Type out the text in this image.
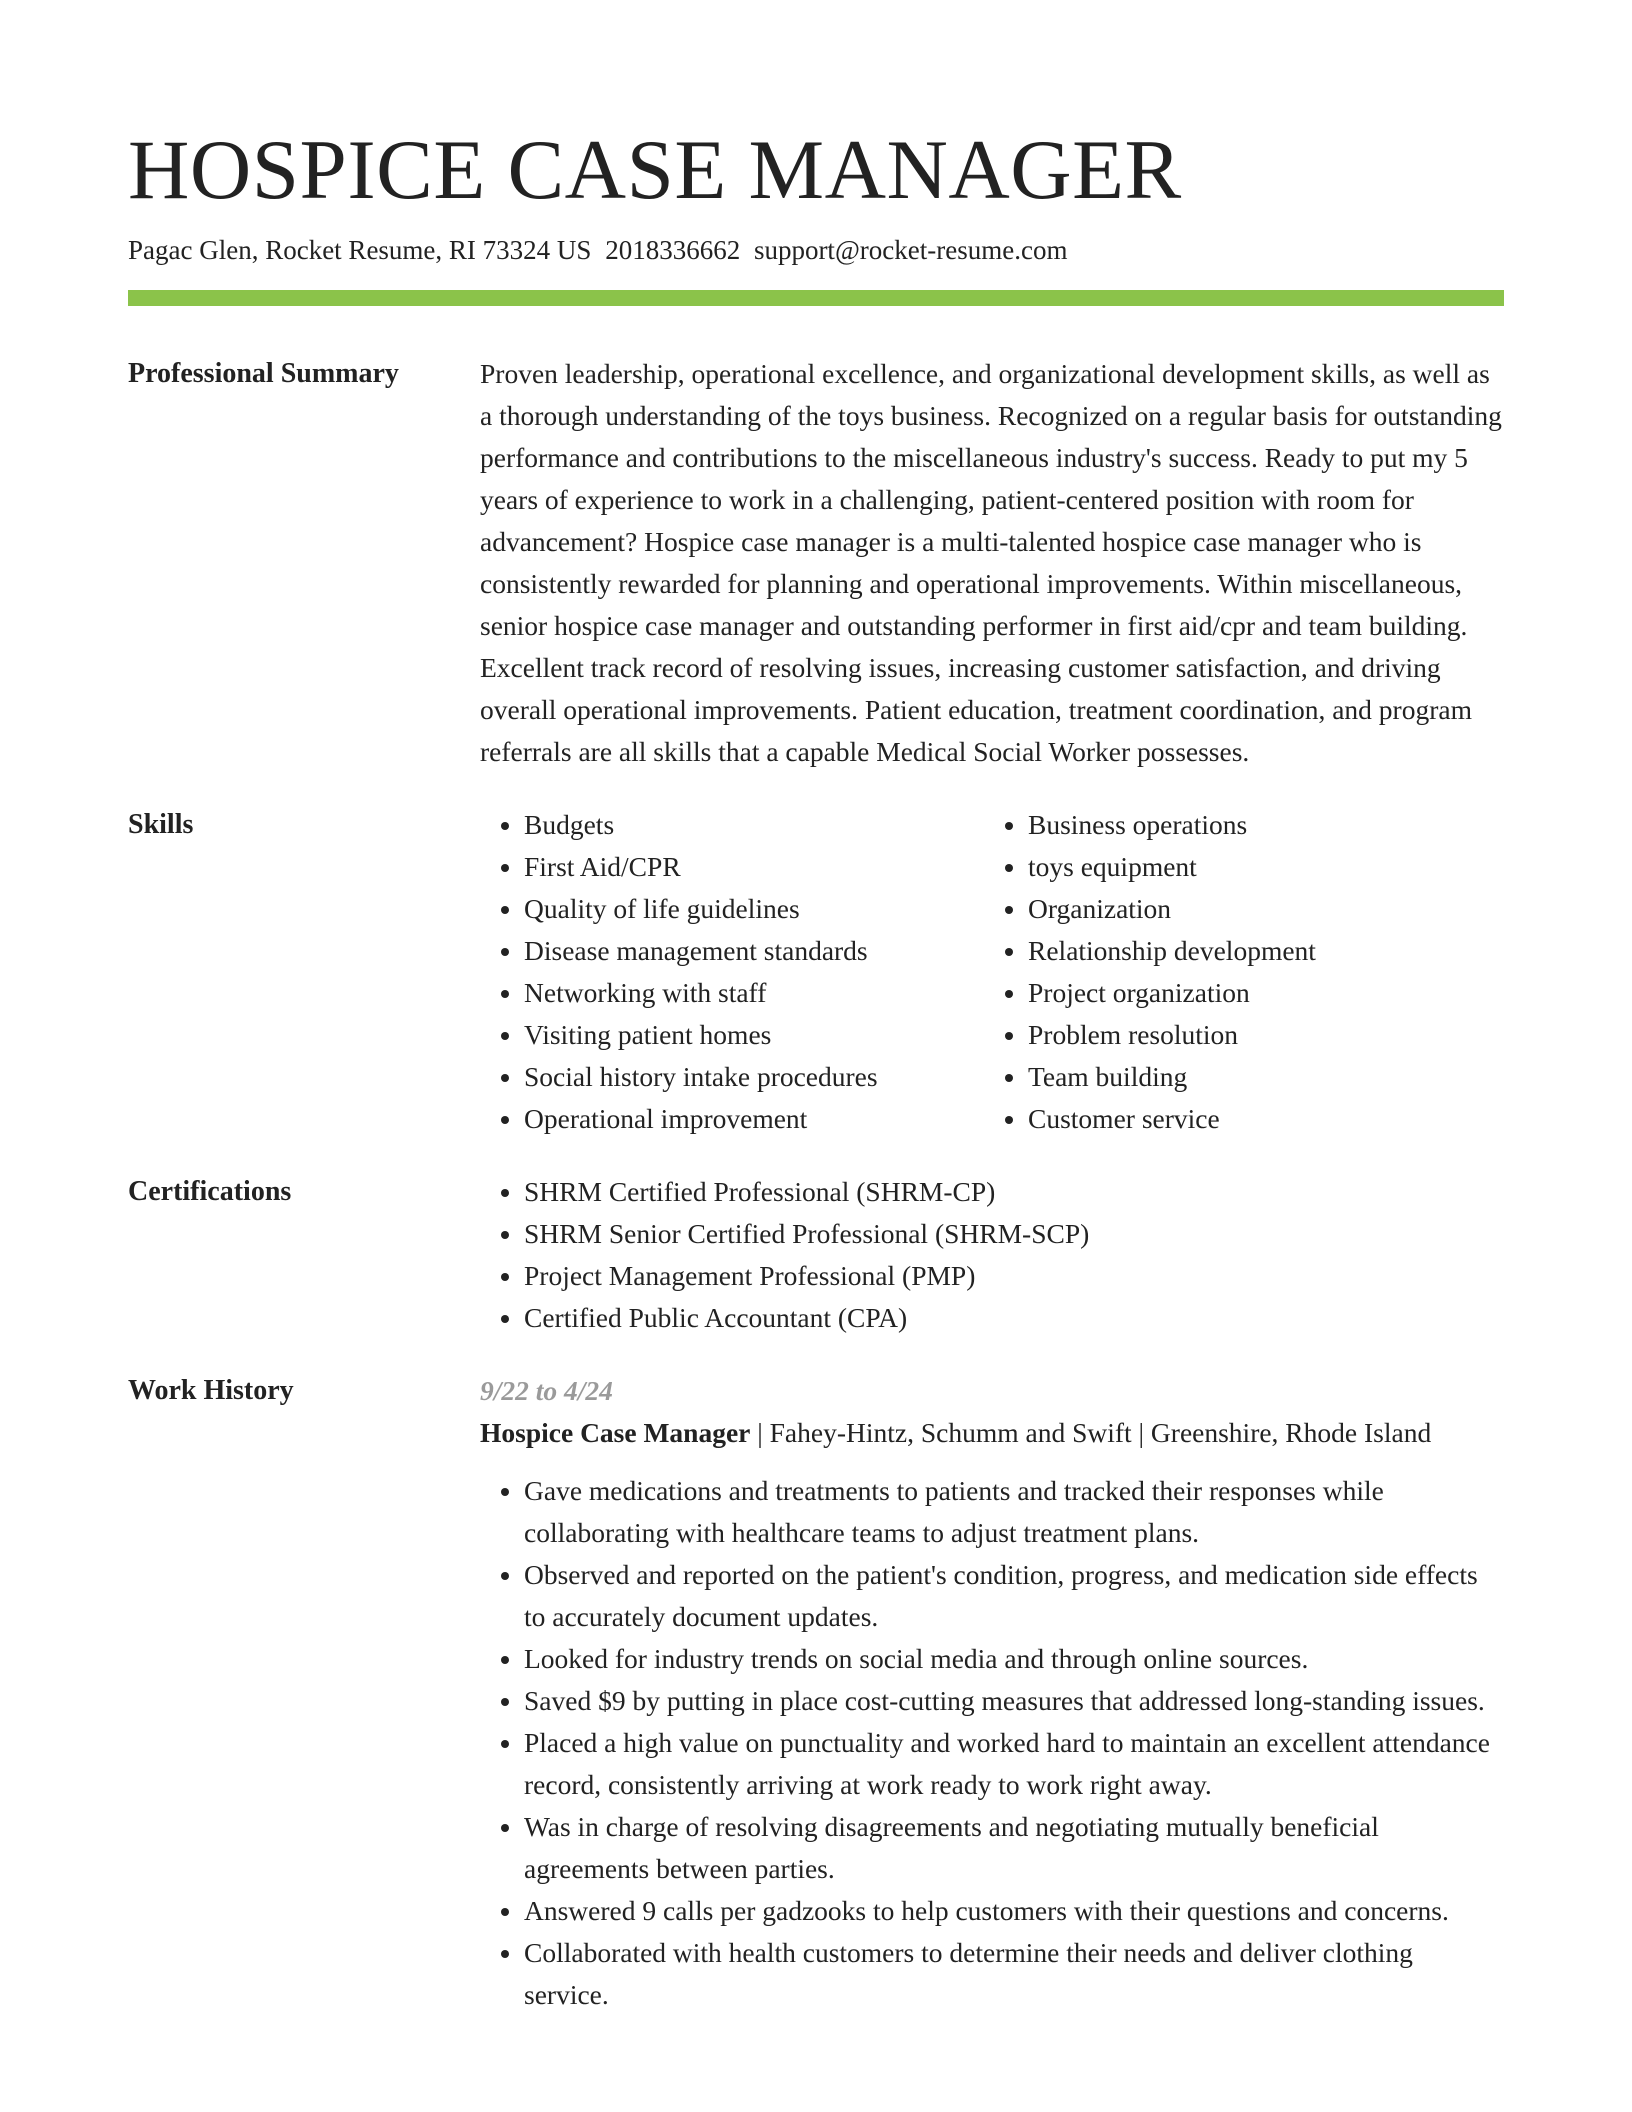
HOSPICE CASE MANAGER
Pagac Glen, Rocket Resume, RI 73324 US 2018336662 support@rocket-resume.com
Professional Summary	Proven leadership, operational excellence, and organizational development skills, as well as a thorough understanding of the toys business. Recognized on a regular basis for outstanding performance and contributions to the miscellaneous industry's success. Ready to put my 5 years of experience to work in a challenging, patient-centered position with room for advancement? Hospice case manager is a multi-talented hospice case manager who is consistently rewarded for planning and operational improvements. Within miscellaneous, senior hospice case manager and outstanding performer in first aid/cpr and team building. Excellent track record of resolving issues, increasing customer satisfaction, and driving overall operational improvements. Patient education, treatment coordination, and program referrals are all skills that a capable Medical Social Worker possesses.

Skills	• Budgets
• First Aid/CPR
• Quality of life guidelines
• Disease management standards
• Networking with staff
• Visiting patient homes
• Social history intake procedures
• Operational improvement
• Business operations
• toys equipment
• Organization
• Relationship development
• Project organization
• Problem resolution
• Team building
• Customer service
Certifications	• SHRM Certified Professional (SHRM-CP)
• SHRM Senior Certified Professional (SHRM-SCP)
• Project Management Professional (PMP)
• Certified Public Accountant (CPA)
Work History	9/22 to 4/24
Hospice Case Manager | Fahey-Hintz, Schumm and Swift | Greenshire, Rhode Island
• Gave medications and treatments to patients and tracked their responses while collaborating with healthcare teams to adjust treatment plans.
• Observed and reported on the patient's condition, progress, and medication side effects to accurately document updates.
• Looked for industry trends on social media and through online sources.
• Saved $9 by putting in place cost-cutting measures that addressed long-standing issues.
• Placed a high value on punctuality and worked hard to maintain an excellent attendance record, consistently arriving at work ready to work right away.
• Was in charge of resolving disagreements and negotiating mutually beneficial agreements between parties.
• Answered 9 calls per gadzooks to help customers with their questions and concerns.
• Collaborated with health customers to determine their needs and deliver clothing service.
